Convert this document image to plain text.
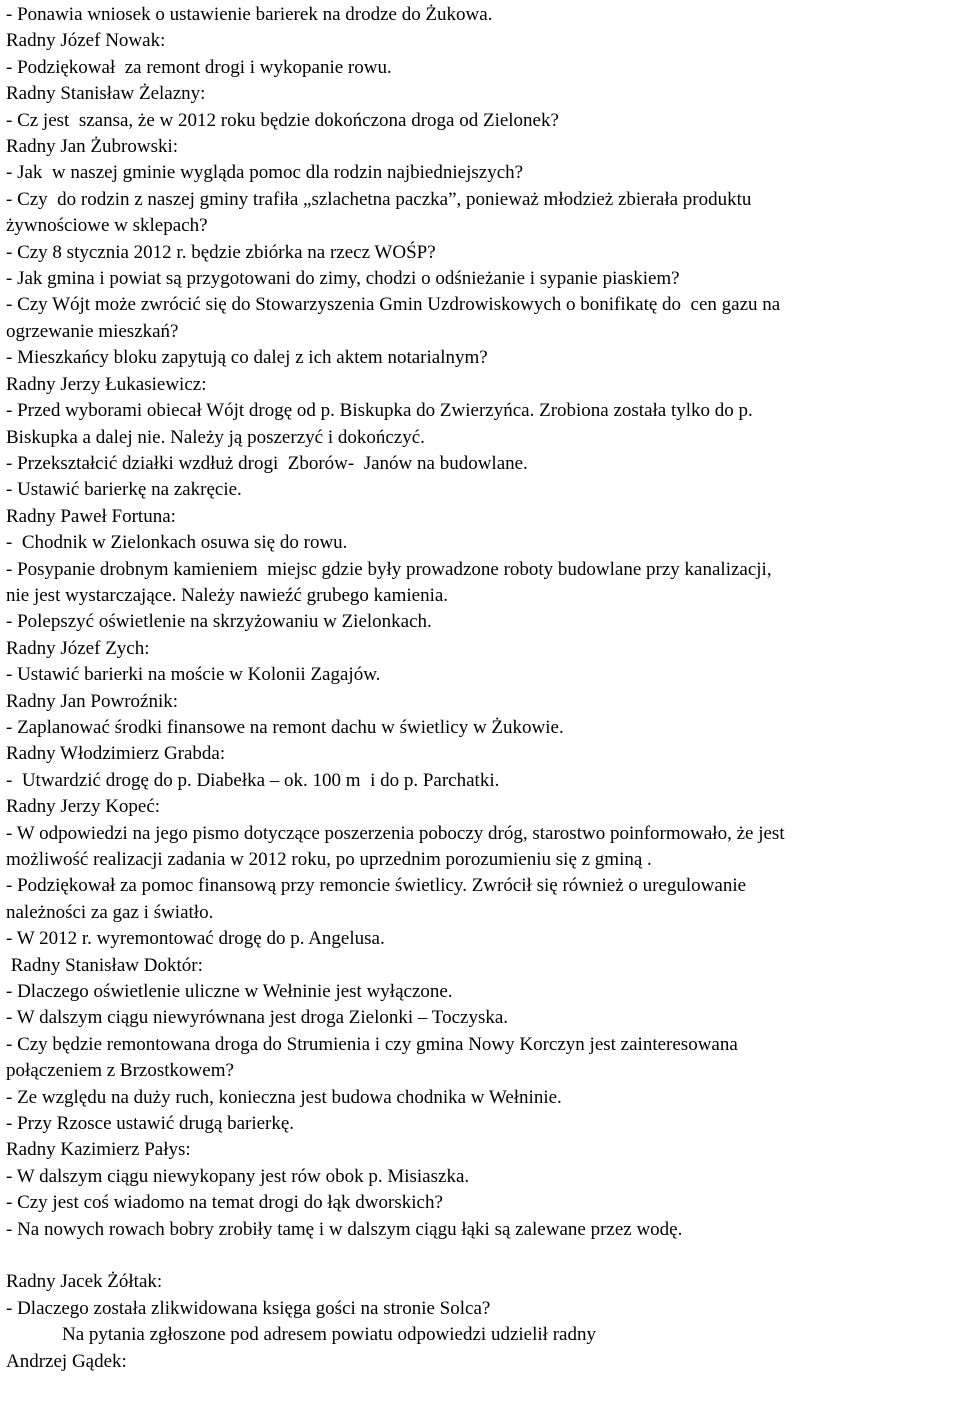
- Ponawia wniosek o ustawienie barierek na drodze do Żukowa.
Radny Józef Nowak:
- Podziękował  za remont drogi i wykopanie rowu.
Radny Stanisław Żelazny:
- Cz jest  szansa, że w 2012 roku będzie dokończona droga od Zielonek?
Radny Jan Żubrowski:
- Jak  w naszej gminie wygląda pomoc dla rodzin najbiedniejszych?
- Czy  do rodzin z naszej gminy trafiła „szlachetna paczka”, ponieważ młodzież zbierała produktu
żywnościowe w sklepach?
- Czy 8 stycznia 2012 r. będzie zbiórka na rzecz WOŚP?
- Jak gmina i powiat są przygotowani do zimy, chodzi o odśnieżanie i sypanie piaskiem?
- Czy Wójt może zwrócić się do Stowarzyszenia Gmin Uzdrowiskowych o bonifikatę do  cen gazu na
ogrzewanie mieszkań?
- Mieszkańcy bloku zapytują co dalej z ich aktem notarialnym?
Radny Jerzy Łukasiewicz:
- Przed wyborami obiecał Wójt drogę od p. Biskupka do Zwierzyńca. Zrobiona została tylko do p.
Biskupka a dalej nie. Należy ją poszerzyć i dokończyć.
- Przekształcić działki wzdłuż drogi  Zborów-  Janów na budowlane.
- Ustawić barierkę na zakręcie.
Radny Paweł Fortuna:
-  Chodnik w Zielonkach osuwa się do rowu.
- Posypanie drobnym kamieniem  miejsc gdzie były prowadzone roboty budowlane przy kanalizacji,
nie jest wystarczające. Należy nawieźć grubego kamienia.
- Polepszyć oświetlenie na skrzyżowaniu w Zielonkach.
Radny Józef Zych:
- Ustawić barierki na moście w Kolonii Zagajów.
Radny Jan Powroźnik:
- Zaplanować środki finansowe na remont dachu w świetlicy w Żukowie.
Radny Włodzimierz Grabda:
-  Utwardzić drogę do p. Diabełka – ok. 100 m  i do p. Parchatki.
Radny Jerzy Kopeć:
- W odpowiedzi na jego pismo dotyczące poszerzenia poboczy dróg, starostwo poinformowało, że jest
możliwość realizacji zadania w 2012 roku, po uprzednim porozumieniu się z gminą .
- Podziękował za pomoc finansową przy remoncie świetlicy. Zwrócił się również o uregulowanie
należności za gaz i światło.
- W 2012 r. wyremontować drogę do p. Angelusa.
Radny Stanisław Doktór:
- Dlaczego oświetlenie uliczne w Wełninie jest wyłączone.
- W dalszym ciągu niewyrównana jest droga Zielonki – Toczyska.
- Czy będzie remontowana droga do Strumienia i czy gmina Nowy Korczyn jest zainteresowana
połączeniem z Brzostkowem?
- Ze względu na duży ruch, konieczna jest budowa chodnika w Wełninie.
- Przy Rzosce ustawić drugą barierkę.
Radny Kazimierz Pałys:
- W dalszym ciągu niewykopany jest rów obok p. Misiaszka.
- Czy jest coś wiadomo na temat drogi do łąk dworskich?
- Na nowych rowach bobry zrobiły tamę i w dalszym ciągu łąki są zalewane przez wodę.
Radny Jacek Żółtak:
- Dlaczego została zlikwidowana księga gości na stronie Solca?
Na pytania zgłoszone pod adresem powiatu odpowiedzi udzielił radny
Andrzej Gądek:
